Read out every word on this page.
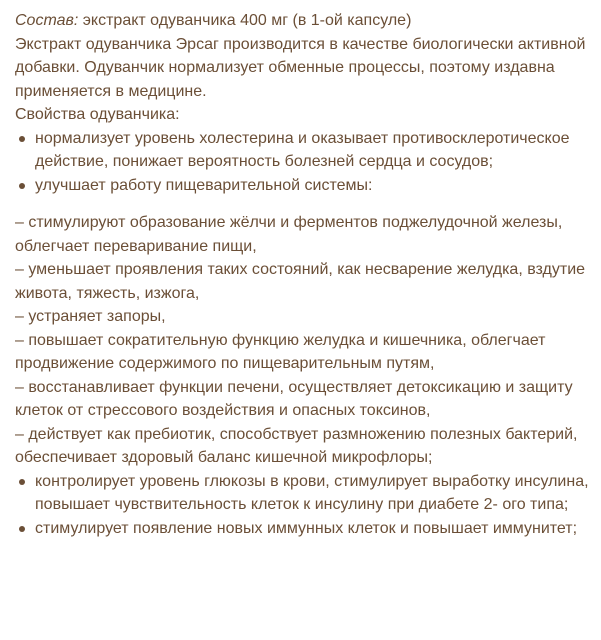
Состав: экстракт одуванчика 400 мг (в 1-ой капсуле)

Экстракт одуванчика Эрсаг производится в качестве биологически активной добавки. Одуванчик нормализует обменные процессы, поэтому издавна применяется в медицине.

Свойства одуванчика:

нормализует уровень холестерина и оказывает противосклеротическое действие, понижает вероятность болезней сердца и сосудов;
улучшает работу пищеварительной системы:

– стимулируют образование жёлчи и ферментов поджелудочной железы, облегчает переваривание пищи,

– уменьшает проявления таких состояний, как несварение желудка, вздутие живота, тяжесть, изжога,

– устраняет запоры,

– повышает сократительную функцию желудка и кишечника, облегчает продвижение содержимого по пищеварительным путям,

– восстанавливает функции печени, осуществляет детоксикацию и защиту клеток от стрессового воздействия и опасных токсинов,

– действует как пребиотик, способствует размножению полезных бактерий, обеспечивает здоровый баланс кишечной микрофлоры;

контролирует уровень глюкозы в крови, стимулирует выработку инсулина, повышает чувствительность клеток к инсулину при диабете 2- ого типа;
стимулирует появление новых иммунных клеток и повышает иммунитет;
